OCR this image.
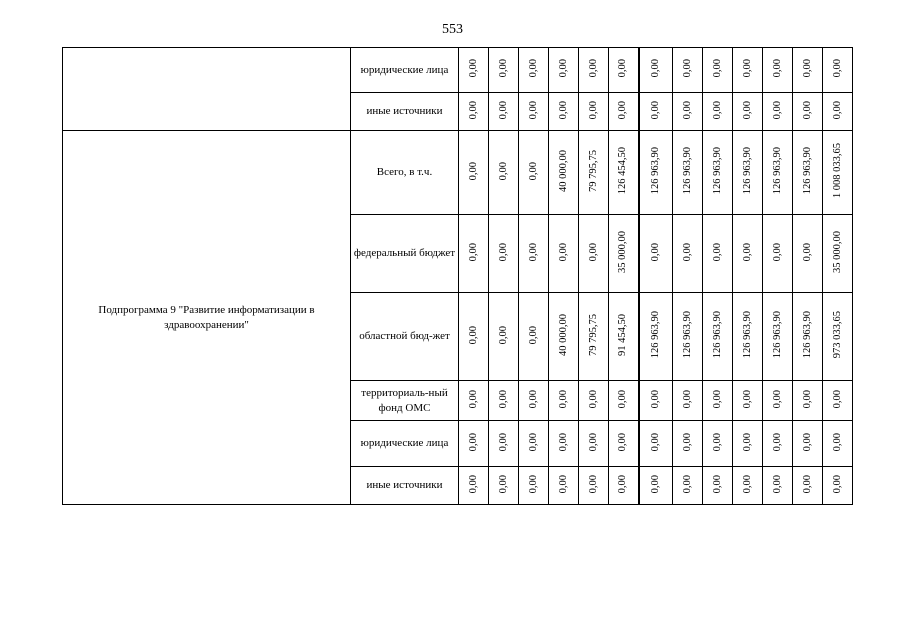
553
	юридические лица	0,00	0,00	0,00	0,00	0,00	0,00	0,00	0,00	0,00	0,00	0,00	0,00	0,00
	иные источники	0,00	0,00	0,00	0,00	0,00	0,00	0,00	0,00	0,00	0,00	0,00	0,00	0,00
Подпрограмма 9 "Развитие информатизации в здравоохранении"	Всего, в т.ч.	0,00	0,00	0,00	40 000,00	79 795,75	126 454,50	126 963,90	126 963,90	126 963,90	126 963,90	126 963,90	126 963,90	1 008 033,65
	федеральный бюджет	0,00	0,00	0,00	0,00	0,00	35 000,00	0,00	0,00	0,00	0,00	0,00	0,00	35 000,00
	областной бюд-жет	0,00	0,00	0,00	40 000,00	79 795,75	91 454,50	126 963,90	126 963,90	126 963,90	126 963,90	126 963,90	126 963,90	973 033,65
	территориаль-ный фонд ОМС	0,00	0,00	0,00	0,00	0,00	0,00	0,00	0,00	0,00	0,00	0,00	0,00	0,00
	юридические лица	0,00	0,00	0,00	0,00	0,00	0,00	0,00	0,00	0,00	0,00	0,00	0,00	0,00
	иные источники	0,00	0,00	0,00	0,00	0,00	0,00	0,00	0,00	0,00	0,00	0,00	0,00	0,00
